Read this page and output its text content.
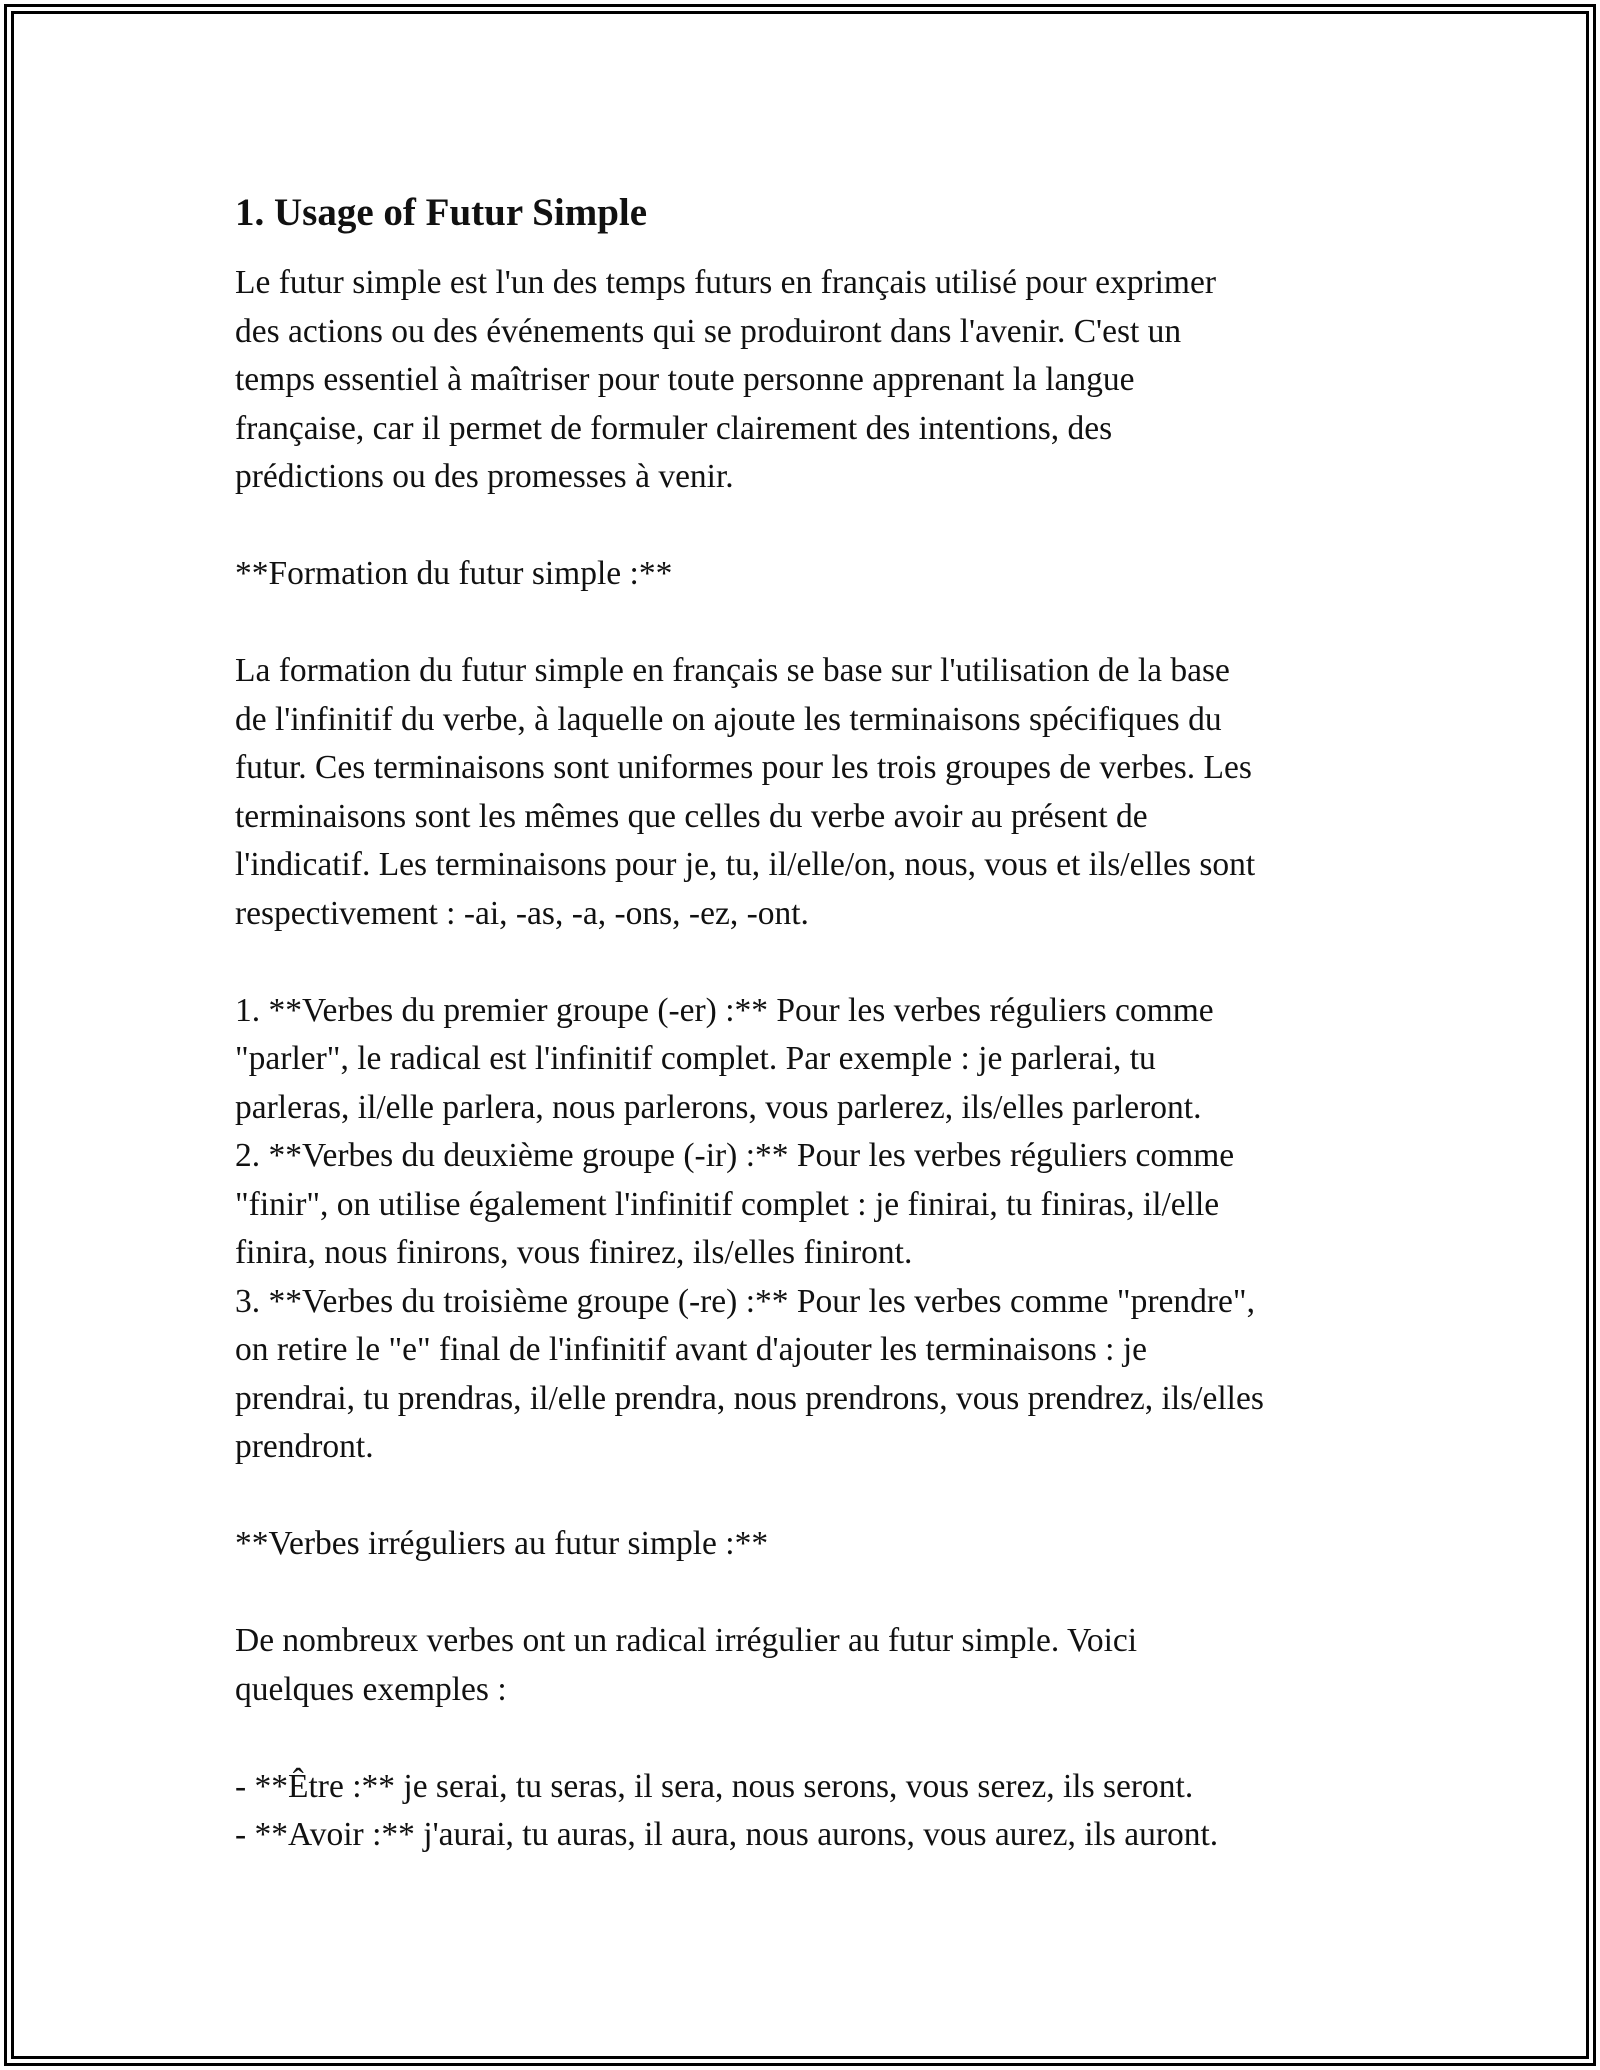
1. Usage of Futur Simple

Le futur simple est l'un des temps futurs en français utilisé pour exprimer
des actions ou des événements qui se produiront dans l'avenir. C'est un
temps essentiel à maîtriser pour toute personne apprenant la langue
française, car il permet de formuler clairement des intentions, des
prédictions ou des promesses à venir.

**Formation du futur simple :**

La formation du futur simple en français se base sur l'utilisation de la base
de l'infinitif du verbe, à laquelle on ajoute les terminaisons spécifiques du
futur. Ces terminaisons sont uniformes pour les trois groupes de verbes. Les
terminaisons sont les mêmes que celles du verbe avoir au présent de
l'indicatif. Les terminaisons pour je, tu, il/elle/on, nous, vous et ils/elles sont
respectivement : -ai, -as, -a, -ons, -ez, -ont.

1. **Verbes du premier groupe (-er) :** Pour les verbes réguliers comme
"parler", le radical est l'infinitif complet. Par exemple : je parlerai, tu
parleras, il/elle parlera, nous parlerons, vous parlerez, ils/elles parleront.
2. **Verbes du deuxième groupe (-ir) :** Pour les verbes réguliers comme
"finir", on utilise également l'infinitif complet : je finirai, tu finiras, il/elle
finira, nous finirons, vous finirez, ils/elles finiront.
3. **Verbes du troisième groupe (-re) :** Pour les verbes comme "prendre",
on retire le "e" final de l'infinitif avant d'ajouter les terminaisons : je
prendrai, tu prendras, il/elle prendra, nous prendrons, vous prendrez, ils/elles
prendront.

**Verbes irréguliers au futur simple :**

De nombreux verbes ont un radical irrégulier au futur simple. Voici
quelques exemples :

- **Être :** je serai, tu seras, il sera, nous serons, vous serez, ils seront.
- **Avoir :** j'aurai, tu auras, il aura, nous aurons, vous aurez, ils auront.
